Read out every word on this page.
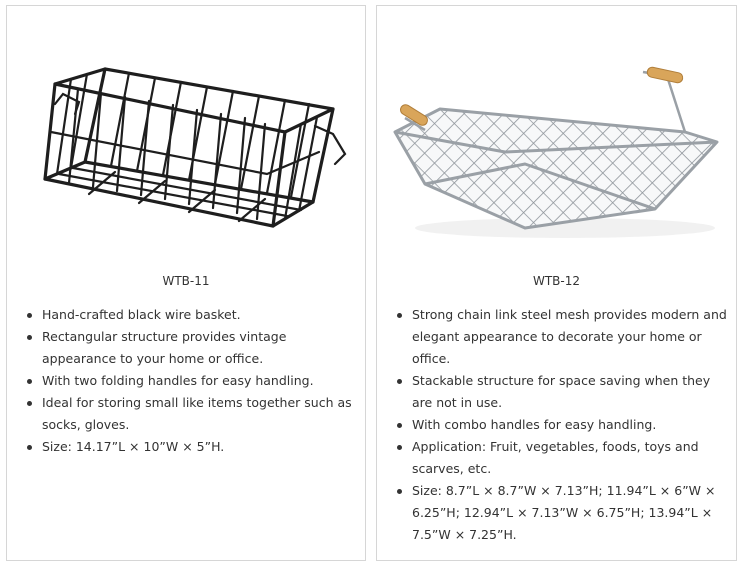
WTB-11
Hand-crafted black wire basket.
Rectangular structure provides vintage appearance to your home or office.
With two folding handles for easy handling.
Ideal for storing small like items together such as socks, gloves.
Size: 14.17”L × 10”W × 5”H.
WTB-12
Strong chain link steel mesh provides modern and elegant appearance to decorate your home or office.
Stackable structure for space saving when they are not in use.
With combo handles for easy handling.
Application: Fruit, vegetables, foods, toys and scarves, etc.
Size: 8.7”L × 8.7”W × 7.13”H; 11.94”L × 6”W × 6.25”H; 12.94”L × 7.13”W × 6.75”H; 13.94”L × 7.5”W × 7.25”H.
